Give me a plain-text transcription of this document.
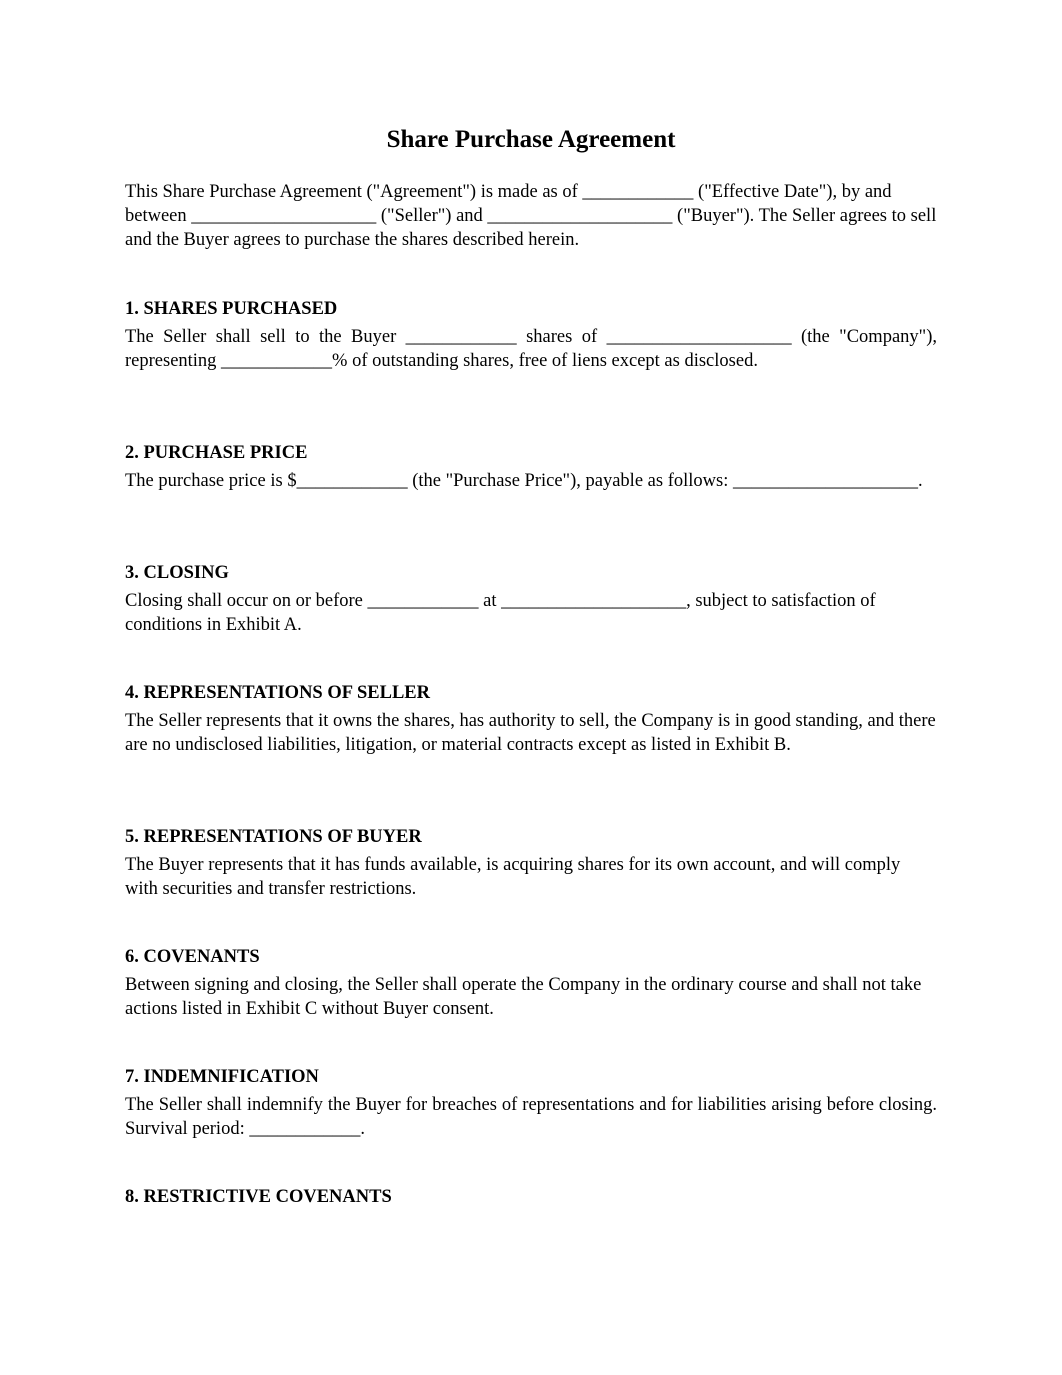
Share Purchase Agreement

This Share Purchase Agreement ("Agreement") is made as of ____________ ("Effective Date"), by and between ____________________ ("Seller") and ____________________ ("Buyer"). The Seller agrees to sell and the Buyer agrees to purchase the shares described herein.

1. SHARES PURCHASED

The Seller shall sell to the Buyer ____________ shares of ____________________ (the "Company"), representing ____________% of outstanding shares, free of liens except as disclosed.

2. PURCHASE PRICE

The purchase price is $____________ (the "Purchase Price"), payable as follows: ____________________.

3. CLOSING

Closing shall occur on or before ____________ at ____________________, subject to satisfaction of conditions in Exhibit A.

4. REPRESENTATIONS OF SELLER

The Seller represents that it owns the shares, has authority to sell, the Company is in good standing, and there are no undisclosed liabilities, litigation, or material contracts except as listed in Exhibit B.

5. REPRESENTATIONS OF BUYER

The Buyer represents that it has funds available, is acquiring shares for its own account, and will comply with securities and transfer restrictions.

6. COVENANTS

Between signing and closing, the Seller shall operate the Company in the ordinary course and shall not take actions listed in Exhibit C without Buyer consent.

7. INDEMNIFICATION

The Seller shall indemnify the Buyer for breaches of representations and for liabilities arising before closing. Survival period: ____________.

8. RESTRICTIVE COVENANTS
